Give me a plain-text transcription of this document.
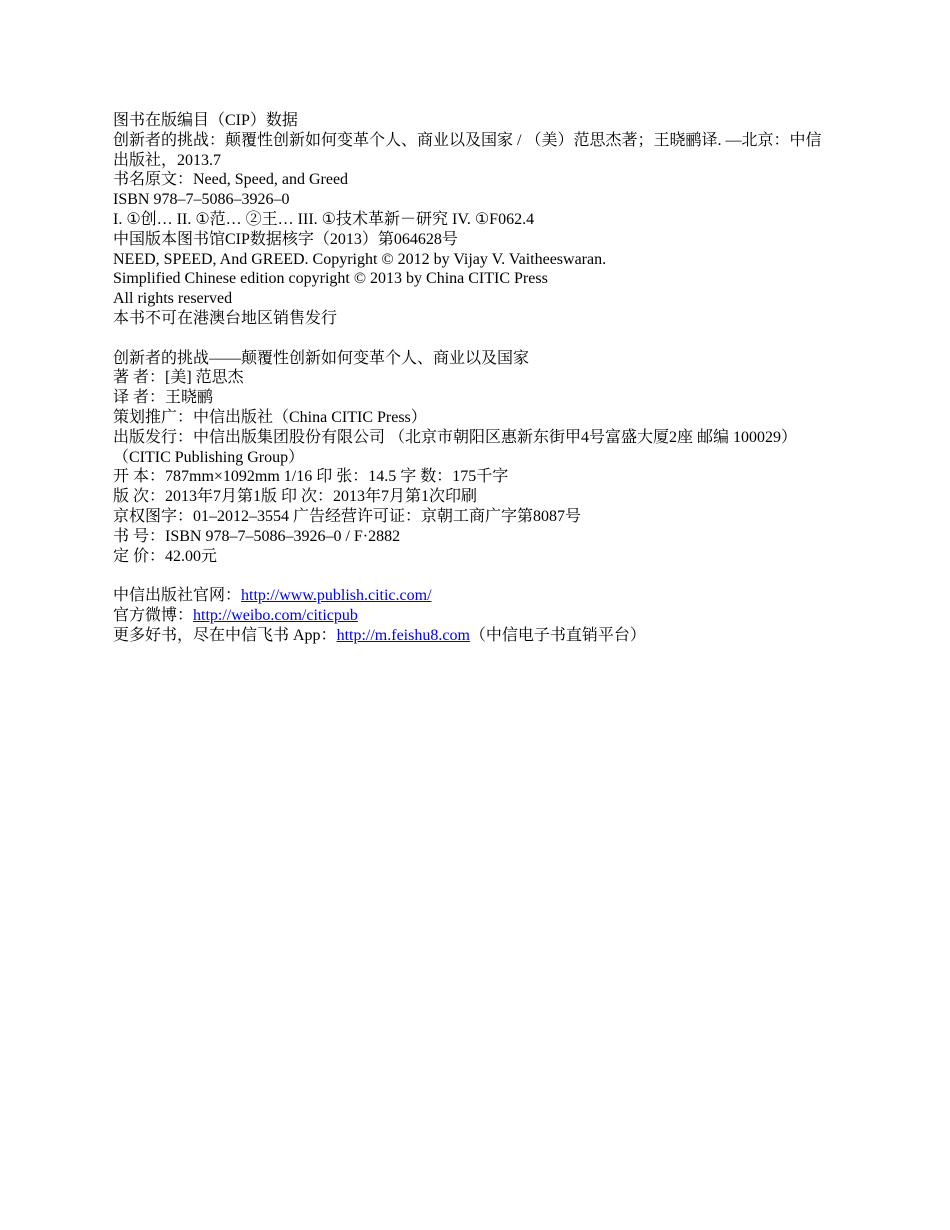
图书在版编目（CIP）数据
创新者的挑战：颠覆性创新如何变革个人、商业以及国家 / （美）范思杰著；王晓鹂译. —北京：中信出版社，2013.7
书名原文：Need, Speed, and Greed
ISBN 978–7–5086–3926–0
I. ①创… II. ①范… ②王… III. ①技术革新－研究 IV. ①F062.4
中国版本图书馆CIP数据核字（2013）第064628号
NEED, SPEED, And GREED. Copyright © 2012 by Vijay V. Vaitheeswaran.
Simplified Chinese edition copyright © 2013 by China CITIC Press
All rights reserved
本书不可在港澳台地区销售发行
创新者的挑战——颠覆性创新如何变革个人、商业以及国家
著 者：[美] 范思杰
译 者：王晓鹂
策划推广：中信出版社（China CITIC Press）
出版发行：中信出版集团股份有限公司 （北京市朝阳区惠新东街甲4号富盛大厦2座 邮编 100029） （CITIC Publishing Group）
开 本：787mm×1092mm 1/16 印 张：14.5 字 数：175千字
版 次：2013年7月第1版 印 次：2013年7月第1次印刷
京权图字：01–2012–3554 广告经营许可证：京朝工商广字第8087号
书 号：ISBN 978–7–5086–3926–0 / F·2882
定 价：42.00元
中信出版社官网：http://www.publish.citic.com/
官方微博：http://weibo.com/citicpub
更多好书，尽在中信飞书 App：http://m.feishu8.com（中信电子书直销平台）
